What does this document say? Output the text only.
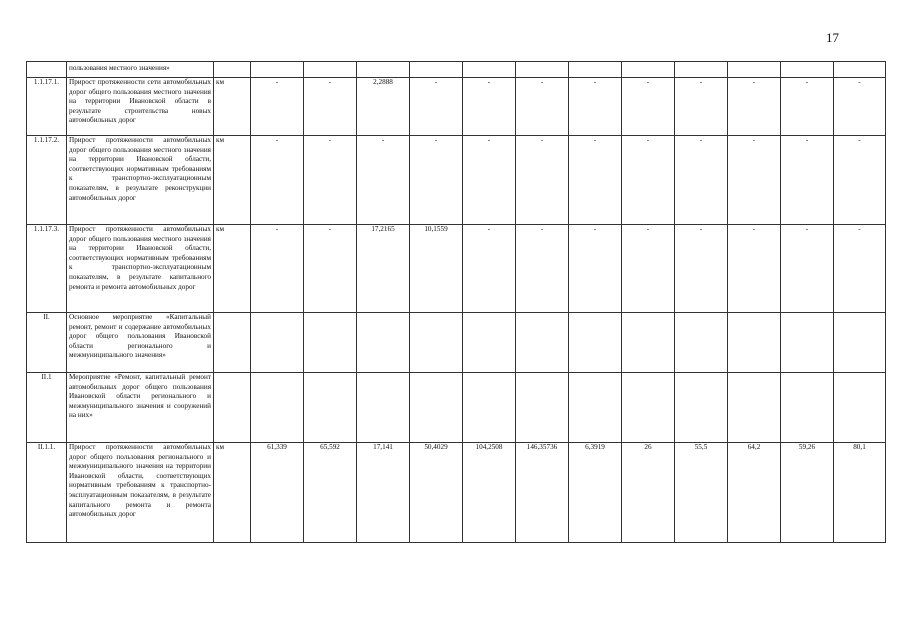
17
	пользования местного значения»													
1.1.17.1.	Прирост протяженности сети автомобильных дорог общего пользования местного значения на территории Ивановской области в результате строительства новых автомобильных дорог	км	-	-	2,2888	-	-	-	-	-	-	-	-	-
1.1.17.2.	Прирост протяженности автомобильных дорог общего пользования местного значения на территории Ивановской области, соответствующих нормативным требованиям к транспортно-эксплуатационным показателям, в результате реконструкции автомобильных дорог	км	-	-	-	-	-	-	-	-	-	-	-	-
1.1.17.3.	Прирост протяженности автомобильных дорог общего пользования местного значения на территории Ивановской области, соответствующих нормативным требованиям к транспортно-эксплуатационным показателям, в результате капитального ремонта и ремонта автомобильных дорог	км	-	-	17,2165	10,1559	-	-	-	-	-	-	-	-
II.	Основное мероприятие «Капитальный ремонт, ремонт и содержание автомобильных дорог общего пользования Ивановской области регионального и межмуниципального значения»													
II.1	Мероприятие «Ремонт, капитальный ремонт автомобильных дорог общего пользования Ивановской области регионального и межмуниципального значения и сооружений на них»													
II.1.1.	Прирост протяженности автомобильных дорог общего пользования регионального и межмуниципального значения на территории Ивановской области, соответствующих нормативным требованиям к транспортно-эксплуатационным показателям, в результате капитального ремонта и ремонта автомобильных дорог	км	61,339	65,592	17,141	50,4029	104,2508	146,35736	6,3919	26	55,5	64,2	59,26	80,1
